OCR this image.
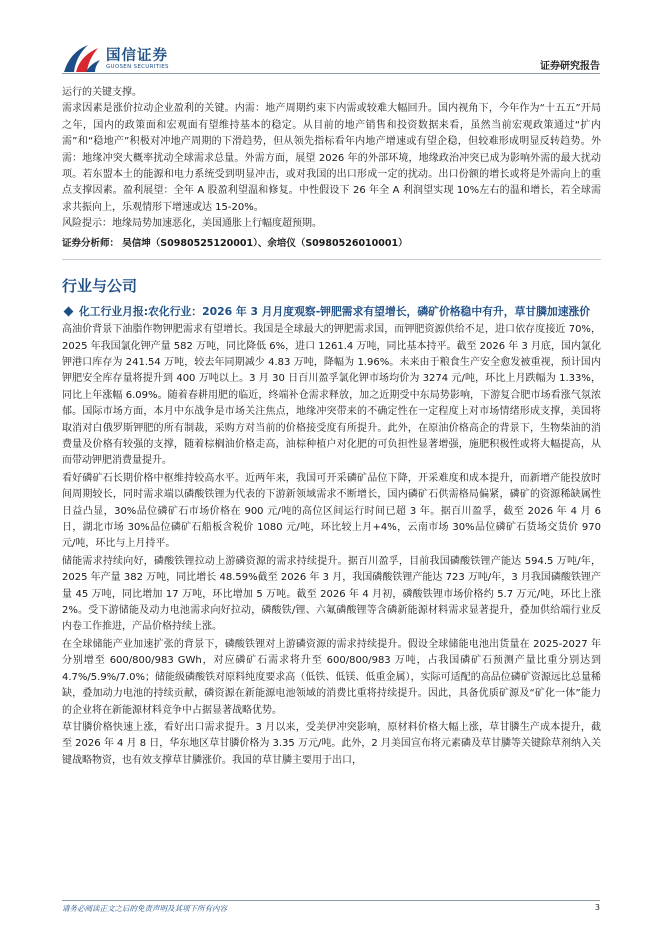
国信证券
GUOSEN SECURITIES	证券研究报告
运行的关键支撑。
需求因素是涨价拉动企业盈利的关键。内需：地产周期约束下内需或较难大幅回升。国内视角下，今年作为“十五五”开局之年，国内的政策面和宏观面有望维持基本的稳定。从目前的地产销售和投资数据来看，虽然当前宏观政策通过“扩内需”和“稳地产”积极对冲地产周期的下滑趋势，但从领先指标看年内地产增速或有望企稳，但较难形成明显反转趋势。外需：地缘冲突大概率扰动全球需求总量。外需方面，展望 2026 年的外部环境，地缘政治冲突已成为影响外需的最大扰动项。若东盟本土的能源和电力系统受到明显冲击，或对我国的出口形成一定的扰动。出口份额的增长或将是外需向上的重点支撑因素。盈利展望：全年 A 股盈利望温和修复。中性假设下 26 年全 A 利润望实现 10%左右的温和增长，若全球需求共振向上，乐观情形下增速或达 15-20%。
风险提示：地缘局势加速恶化，美国通胀上行幅度超预期。
证券分析师： 吴信坤（S0980525120001）、余培仪（S0980526010001）
行业与公司
化工行业月报:农化行业：2026 年 3 月月度观察-钾肥需求有望增长，磷矿价格稳中有升，草甘膦加速涨价
高油价背景下油脂作物钾肥需求有望增长。我国是全球最大的钾肥需求国，而钾肥资源供给不足，进口依存度接近 70%，2025 年我国氯化钾产量 582 万吨，同比降低 6%，进口 1261.4 万吨，同比基本持平。截至 2026 年 3 月底，国内氯化钾港口库存为 241.54 万吨，较去年同期减少 4.83 万吨，降幅为 1.96%。未来由于粮食生产安全愈发被重视，预计国内钾肥安全库存量将提升到 400 万吨以上。3 月 30 日百川盈孚氯化钾市场均价为 3274 元/吨，环比上月跌幅为 1.33%，同比上年涨幅 6.09%。随着春耕用肥的临近，终端补仓需求释放，加之近期受中东局势影响，下游复合肥市场看涨气氛浓郁。国际市场方面，本月中东战争是市场关注焦点，地缘冲突带来的不确定性在一定程度上对市场情绪形成支撑，美国将取消对白俄罗斯钾肥的所有制裁，采购方对当前的价格接受度有所提升。此外，在原油价格高企的背景下，生物柴油的消费量及价格有较强的支撑，随着棕榈油价格走高，油棕种植户对化肥的可负担性显著增强，施肥积极性或将大幅提高，从而带动钾肥消费量提升。
看好磷矿石长期价格中枢维持较高水平。近两年来，我国可开采磷矿品位下降，开采难度和成本提升，而新增产能投放时间周期较长，同时需求端以磷酸铁锂为代表的下游新领域需求不断增长，国内磷矿石供需格局偏紧，磷矿的资源稀缺属性日益凸显，30%品位磷矿石市场价格在 900 元/吨的高位区间运行时间已超 3 年。据百川盈孚，截至 2026 年 4 月 6 日，湖北市场 30%品位磷矿石船板含税价 1080 元/吨，环比较上月+4%，云南市场 30%品位磷矿石货场交货价 970 元/吨，环比与上月持平。
储能需求持续向好，磷酸铁锂拉动上游磷资源的需求持续提升。据百川盈孚，目前我国磷酸铁锂产能达 594.5 万吨/年，2025 年产量 382 万吨，同比增长 48.59%截至 2026 年 3 月，我国磷酸铁锂产能达 723 万吨/年，3 月我国磷酸铁锂产量 45 万吨，同比增加 17 万吨，环比增加 5 万吨。截至 2026 年 4 月初，磷酸铁锂市场价格约 5.7 万元/吨，环比上涨 2%。受下游储能及动力电池需求向好拉动，磷酸铁/锂、六氟磷酸锂等含磷新能源材料需求显著提升，叠加供给端行业反内卷工作推进，产品价格持续上涨。
在全球储能产业加速扩张的背景下，磷酸铁锂对上游磷资源的需求持续提升。假设全球储能电池出货量在 2025-2027 年分别增至 600/800/983 GWh，对应磷矿石需求将升至 600/800/983 万吨，占我国磷矿石预测产量比重分别达到 4.7%/5.9%/7.0%；储能级磷酸铁对原料纯度要求高（低铁、低镁、低重金属），实际可适配的高品位磷矿资源远比总量稀缺，叠加动力电池的持续贡献，磷资源在新能源电池领域的消费比重将持续提升。因此，具备优质矿源及“矿化一体”能力的企业将在新能源材料竞争中占据显著战略优势。
草甘膦价格快速上涨，看好出口需求提升。3 月以来，受美伊冲突影响，原材料价格大幅上涨，草甘膦生产成本提升，截至 2026 年 4 月 8 日，华东地区草甘膦价格为 3.35 万元/吨。此外，2 月美国宣布将元素磷及草甘膦等关键除草剂纳入关键战略物资，也有效支撑草甘膦涨价。我国的草甘膦主要用于出口，
请务必阅读正文之后的免责声明及其项下所有内容	3
